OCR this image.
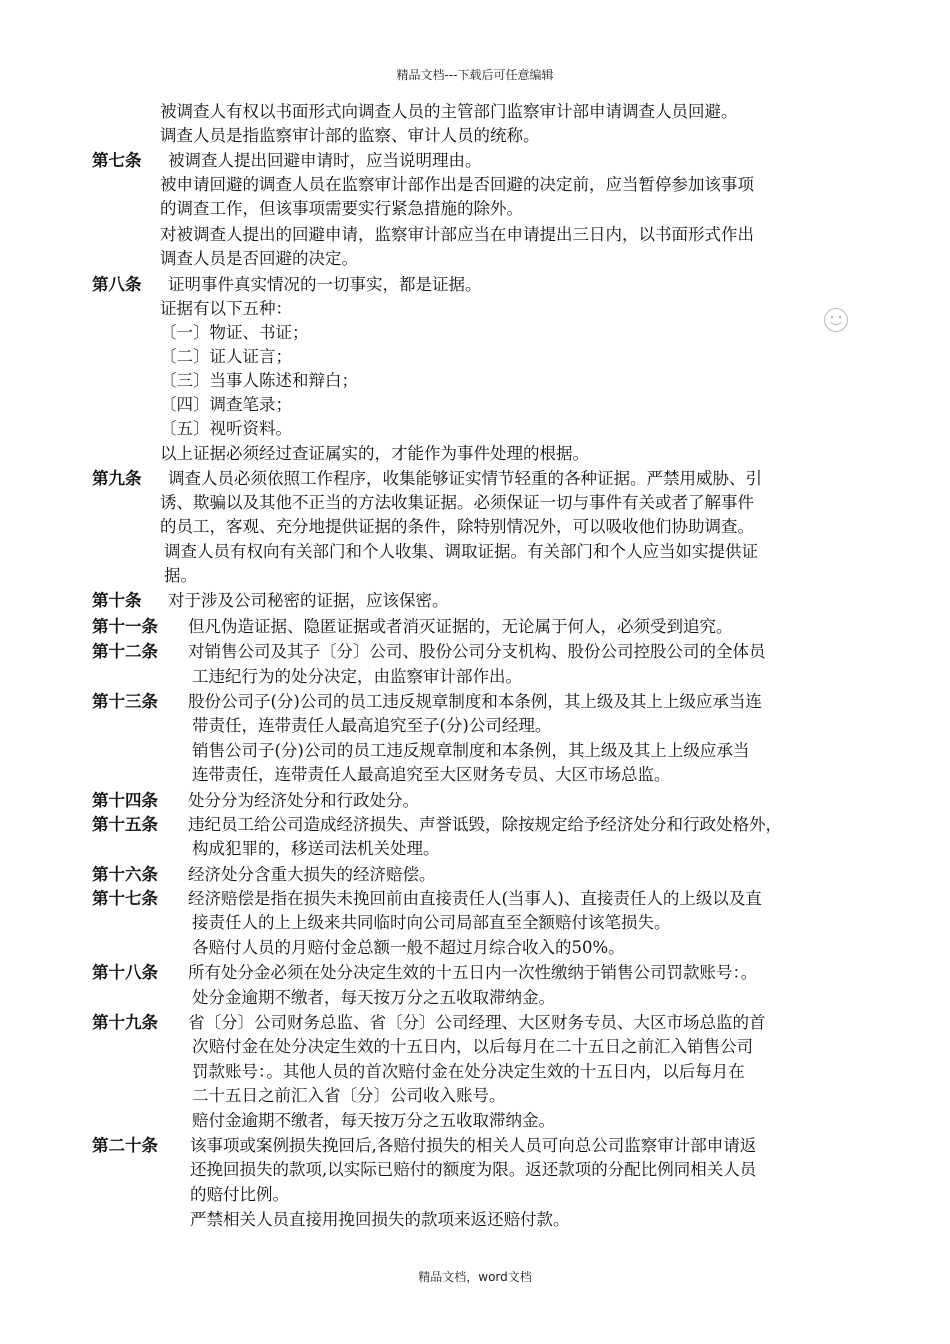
精品文档---下载后可任意编辑
被调查人有权以书面形式向调查人员的主管部门监察审计部申请调查人员回避。
调查人员是指监察审计部的监察、审计人员的统称。
第七条 被调查人提出回避申请时，应当说明理由。
被申请回避的调查人员在监察审计部作出是否回避的决定前，应当暂停参加该事项
的调查工作，但该事项需要实行紧急措施的除外。
对被调查人提出的回避申请，监察审计部应当在申请提出三日内，以书面形式作出
调查人员是否回避的决定。
第八条 证明事件真实情况的一切事实，都是证据。
证据有以下五种：
〔一〕物证、书证；
〔二〕证人证言；
〔三〕当事人陈述和辩白；
〔四〕调查笔录；
〔五〕视听资料。
以上证据必须经过查证属实的，才能作为事件处理的根据。
第九条 调查人员必须依照工作程序，收集能够证实情节轻重的各种证据。严禁用威胁、引
诱、欺骗以及其他不正当的方法收集证据。必须保证一切与事件有关或者了解事件
的员工，客观、充分地提供证据的条件，除特别情况外，可以吸收他们协助调查。
调查人员有权向有关部门和个人收集、调取证据。有关部门和个人应当如实提供证
据。
第十条 对于涉及公司秘密的证据，应该保密。
第十一条 但凡伪造证据、隐匿证据或者消灭证据的，无论属于何人，必须受到追究。
第十二条 对销售公司及其子〔分〕公司、股份公司分支机构、股份公司控股公司的全体员
工违纪行为的处分决定，由监察审计部作出。
第十三条 股份公司子(分)公司的员工违反规章制度和本条例，其上级及其上上级应承当连
带责任，连带责任人最高追究至子(分)公司经理。
销售公司子(分)公司的员工违反规章制度和本条例，其上级及其上上级应承当
连带责任，连带责任人最高追究至大区财务专员、大区市场总监。
第十四条 处分分为经济处分和行政处分。
第十五条 违纪员工给公司造成经济损失、声誉诋毁，除按规定给予经济处分和行政处格外，
构成犯罪的，移送司法机关处理。
第十六条 经济处分含重大损失的经济赔偿。
第十七条 经济赔偿是指在损失未挽回前由直接责任人(当事人)、直接责任人的上级以及直
接责任人的上上级来共同临时向公司局部直至全额赔付该笔损失。
各赔付人员的月赔付金总额一般不超过月综合收入的50%。
第十八条 所有处分金必须在处分决定生效的十五日内一次性缴纳于销售公司罚款账号：。
处分金逾期不缴者，每天按万分之五收取滞纳金。
第十九条 省〔分〕公司财务总监、省〔分〕公司经理、大区财务专员、大区市场总监的首
次赔付金在处分决定生效的十五日内，以后每月在二十五日之前汇入销售公司
罚款账号：。其他人员的首次赔付金在处分决定生效的十五日内，以后每月在
二十五日之前汇入省〔分〕公司收入账号。
赔付金逾期不缴者，每天按万分之五收取滞纳金。
第二十条 该事项或案例损失挽回后,各赔付损失的相关人员可向总公司监察审计部申请返
还挽回损失的款项,以实际已赔付的额度为限。返还款项的分配比例同相关人员
的赔付比例。
严禁相关人员直接用挽回损失的款项来返还赔付款。
精品文档，word文档
